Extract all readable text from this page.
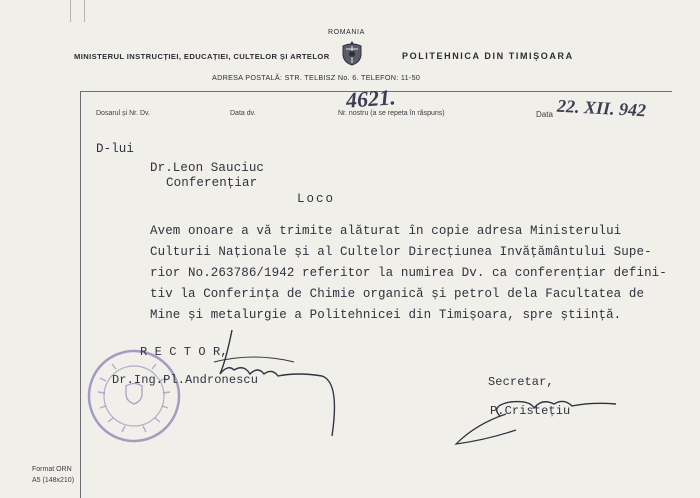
ROMANIA
MINISTERUL INSTRUCȚIEI, EDUCAȚIEI, CULTELOR ȘI ARTELOR	POLITEHNICA DIN TIMIȘOARA
ADRESA POSTALĂ: STR. TELBISZ No. 6. TELEFON: 11-50
Dosarul și Nr. Dv.	Data dv.	Nr. nostru (a se repeta în răspuns)	Data
4621.	22. XII. 942
D-lui
Dr.Leon Sauciuc
Conferențiar
Loco
Avem onoare a vă trimite alăturat în copie adresa Ministerului
Culturii Naționale și al Cultelor Direcțiunea Invățământului Supe-
rior No.263786/1942 referitor la numirea Dv. ca conferențiar defini-
tiv la Conferința de Chimie organică și petrol dela Facultatea de
Mine și metalurgie a Politehnicei din Timișoara, spre știință.
R E C T O R,
Dr.Ing.Pl.Andronescu	Secretar,
P.Cristețiu
Format ORN
A5 (148x210)
